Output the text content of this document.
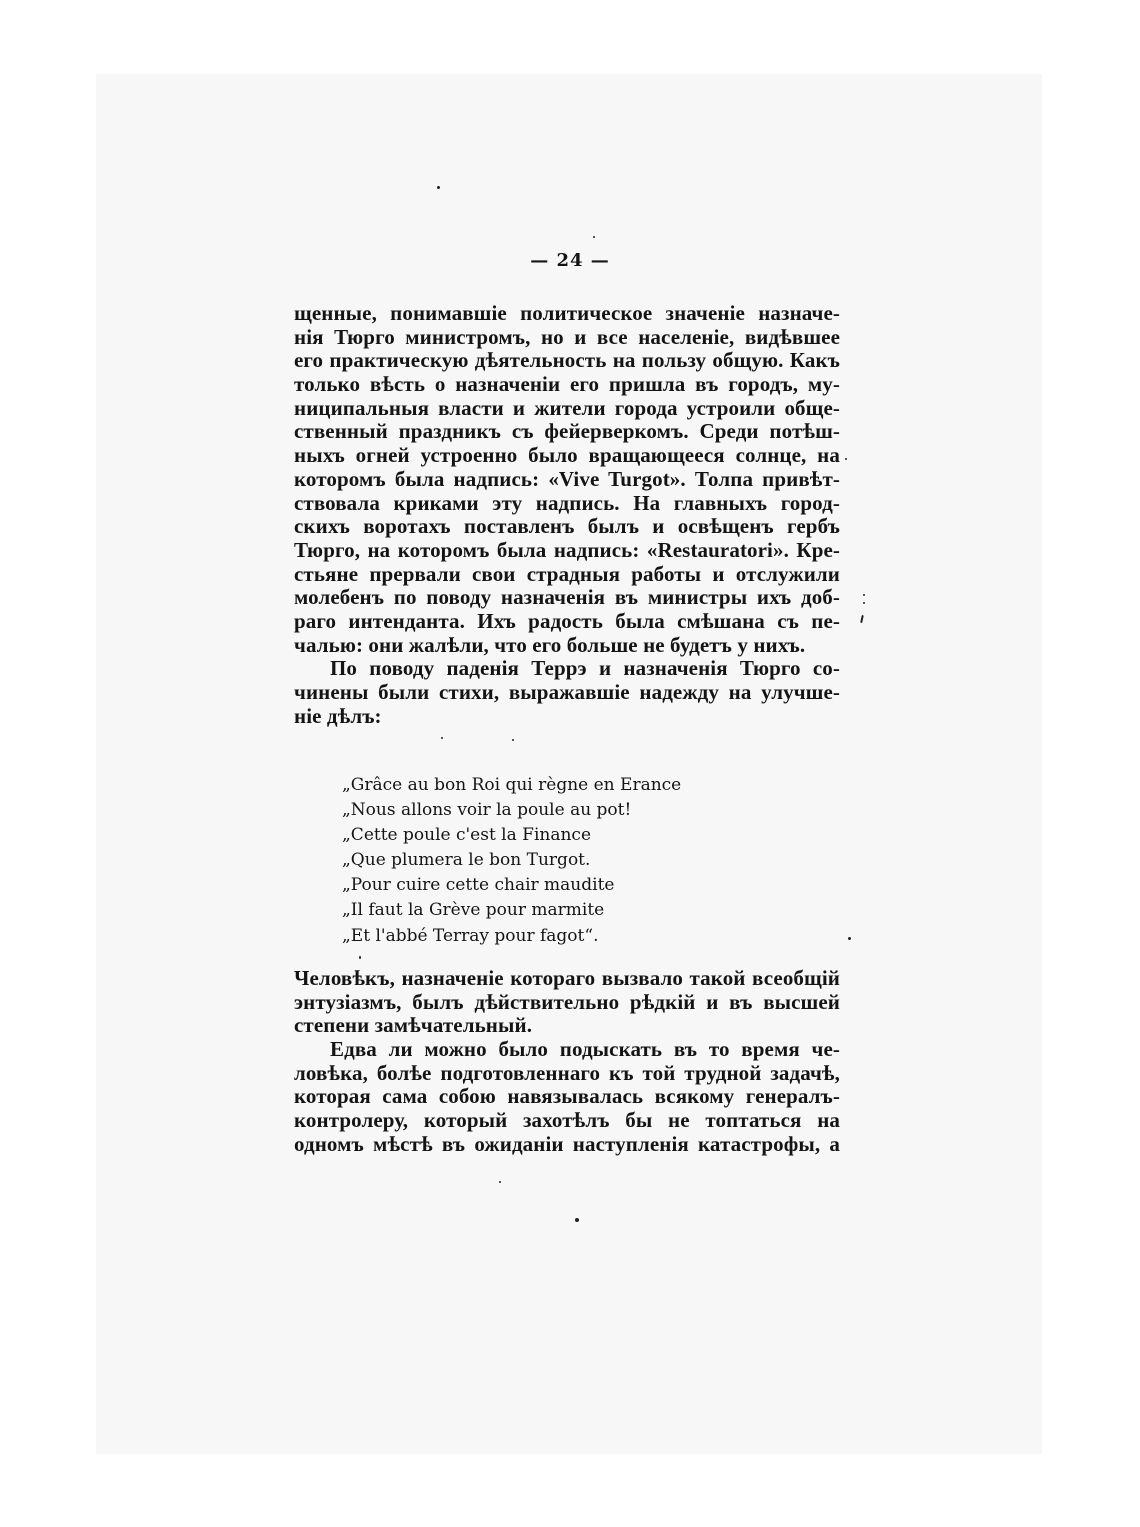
— 24 —
щенные, понимавшіе политическое значеніе назначе-
нія Тюрго министромъ, но и все населеніе, видѣвшее
его практическую дѣятельность на пользу общую. Какъ
только вѣсть о назначеніи его пришла въ городъ, му-
ниципальныя власти и жители города устроили обще-
ственный праздникъ съ фейерверкомъ. Среди потѣш-
ныхъ огней устроенно было вращающееся солнце, на
которомъ была надпись: «Vive Turgot». Толпа привѣт-
ствовала криками эту надпись. На главныхъ город-
скихъ воротахъ поставленъ былъ и освѣщенъ гербъ
Тюрго, на которомъ была надпись: «Restauratori». Кре-
стьяне прервали свои страдныя работы и отслужили
молебенъ по поводу назначенія въ министры ихъ доб-
раго интенданта. Ихъ радость была смѣшана съ пе-
чалью: они жалѣли, что его больше не будетъ у нихъ.
По поводу паденія Террэ и назначенія Тюрго со-
чинены были стихи, выражавшіе надежду на улучше-
ніе дѣлъ:
„Grâce au bon Roi qui règne en Erance
„Nous allons voir la poule au pot!
„Cette poule c'est la Finance
„Que plumera le bon Turgot.
„Pour cuire cette chair maudite
„Il faut la Grève pour marmite
„Et l'abbé Terray pour fagot“.
Человѣкъ, назначеніе котораго вызвало такой всеобщій
энтузіазмъ, былъ дѣйствительно рѣдкій и въ высшей
степени замѣчательный.
Едва ли можно было подыскать въ то время че-
ловѣка, болѣе подготовленнаго къ той трудной задачѣ,
которая сама собою навязывалась всякому генералъ-
контролеру, который захотѣлъ бы не топтаться на
одномъ мѣстѣ въ ожиданіи наступленія катастрофы, а
